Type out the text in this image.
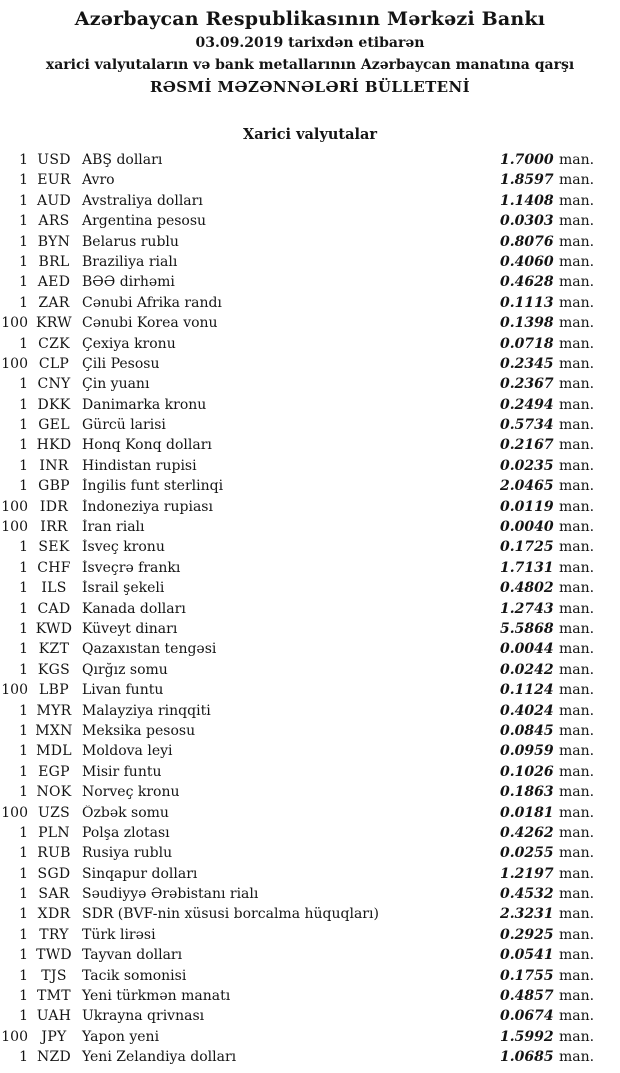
Azərbaycan Respublikasının Mərkəzi Bankı
03.09.2019 tarixdən etibarən
xarici valyutaların və bank metallarının Azərbaycan manatına qarşı
RƏSMİ MƏZƏNNƏLƏRİ BÜLLETENİ
Xarici valyutalar
1 USD ABŞ dolları	1.7000 man.
1 EUR Avro	1.8597 man.
1 AUD Avstraliya dolları	1.1408 man.
1 ARS Argentina pesosu	0.0303 man.
1 BYN Belarus rublu	0.8076 man.
1 BRL Braziliya rialı	0.4060 man.
1 AED BƏƏ dirhəmi	0.4628 man.
1 ZAR Cənubi Afrika randı	0.1113 man.
100 KRW Cənubi Korea vonu	0.1398 man.
1 CZK Çexiya kronu	0.0718 man.
100 CLP Çili Pesosu	0.2345 man.
1 CNY Çin yuanı	0.2367 man.
1 DKK Danimarka kronu	0.2494 man.
1 GEL Gürcü larisi	0.5734 man.
1 HKD Honq Konq dolları	0.2167 man.
1 INR Hindistan rupisi	0.0235 man.
1 GBP İngilis funt sterlinqi	2.0465 man.
100 IDR İndoneziya rupiası	0.0119 man.
100 IRR	İran rialı	0.0040 man.
1 SEK İsveç kronu	0.1725 man.
1 CHF İsveçrə frankı	1.7131 man.
1 ILS	İsrail şekeli	0.4802 man.
1 CAD Kanada dolları	1.2743 man.
1 KWD Küveyt dinarı	5.5868 man.
1 KZT Qazaxıstan tengəsi	0.0044 man.
1 KGS Qırğız somu	0.0242 man.
100 LBP Livan funtu	0.1124 man.
1 MYR Malayziya rinqqiti	0.4024 man.
1 MXN Meksika pesosu	0.0845 man.
1 MDL Moldova leyi	0.0959 man.
1 EGP Misir funtu	0.1026 man.
1 NOK Norveç kronu	0.1863 man.
100 UZS Özbək somu	0.0181 man.
1 PLN Polşa zlotası	0.4262 man.
1 RUB Rusiya rublu	0.0255 man.
1 SGD Sinqapur dolları	1.2197 man.
1 SAR Səudiyyə Ərəbistanı rialı	0.4532 man.
1 XDR SDR (BVF-nin xüsusi borcalma hüquqları)	2.3231 man.
1 TRY Türk lirəsi	0.2925 man.
1 TWD Tayvan dolları	0.0541 man.
1 TJS	Tacik somonisi	0.1755 man.
1 TMT Yeni türkmən manatı	0.4857 man.
1 UAH Ukrayna qrivnası	0.0674 man.
100 JPY	Yapon yeni	1.5992 man.
1 NZD Yeni Zelandiya dolları	1.0685 man.
